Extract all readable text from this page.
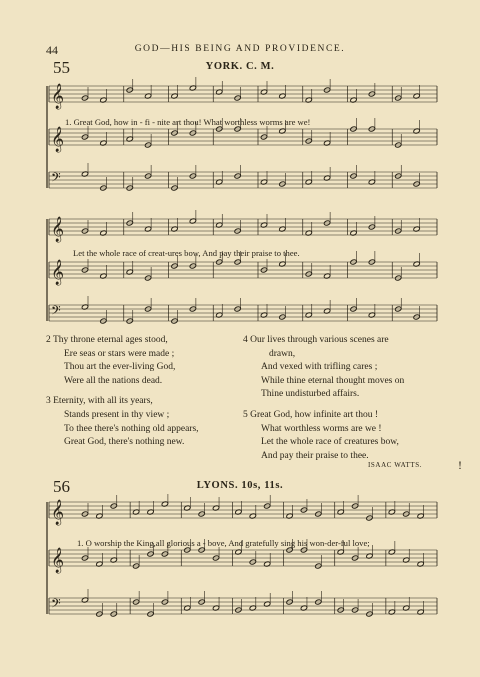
44	GOD—HIS BEING AND PROVIDENCE.
55	YORK. C. M.
𝄞
𝄞
𝄢
1. Great God, how in - fi - nite art thou! What worthless worms are we!
𝄞
𝄞
𝄢
Let the whole race of creat-ures bow, And pay their praise to thee.

2 Thy throne eternal ages stood,

Ere seas or stars were made ;

Thou art the ever-living God,

Were all the nations dead.

3 Eternity, with all its years,

Stands present in thy view ;

To thee there's nothing old appears,

Great God, there's nothing new.

4 Our lives through various scenes are

drawn,

And vexed with trifling cares ;

While thine eternal thought moves on

Thine undisturbed affairs.

5 Great God, how infinite art thou !

What worthless worms are we !

Let the whole race of creatures bow,

And pay their praise to thee.

ISAAC WATTS.	!
56	LYONS. 10s, 11s.
𝄞
𝄞
𝄢
1. O worship the King,all glorious a - bove, And gratefully sing his won-der-ful love;
